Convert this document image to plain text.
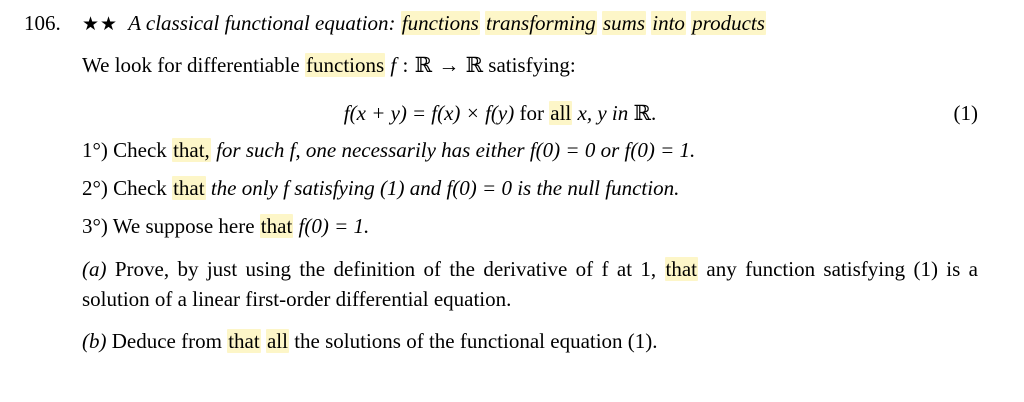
106.	★★ A classical functional equation: functions transforming sums into products
We look for differentiable functions f : ℝ → ℝ satisfying:
f(x + y) = f(x) × f(y) for all x, y in ℝ.	(1)
1°) Check that, for such f, one necessarily has either f(0) = 0 or f(0) = 1.
2°) Check that the only f satisfying (1) and f(0) = 0 is the null function.
3°) We suppose here that f(0) = 1.
(a) Prove, by just using the definition of the derivative of f at 1, that any function satisfying (1) is a solution of a linear first-order differential equation.
(b) Deduce from that all the solutions of the functional equation (1).
